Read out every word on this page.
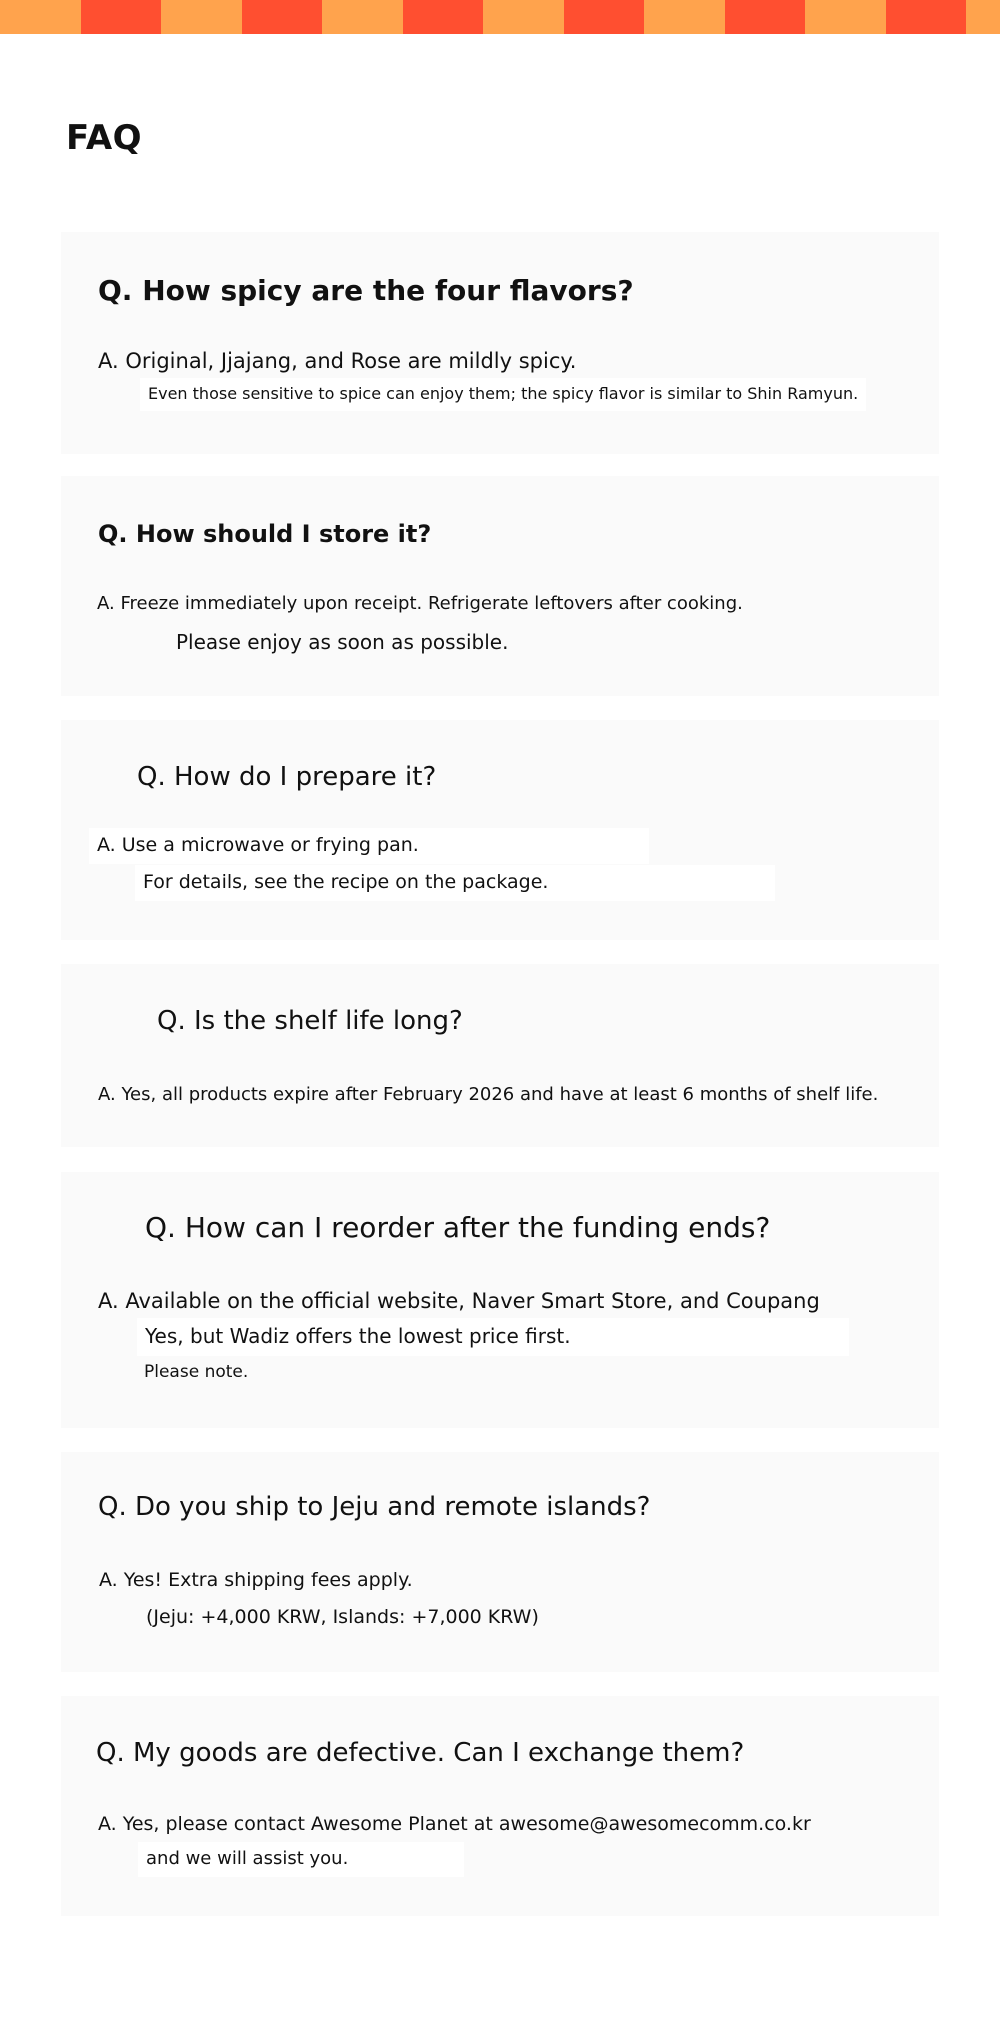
FAQ
Q. How spicy are the four flavors?

A. Original, Jjajang, and Rose are mildly spicy.

Even those sensitive to spice can enjoy them; the spicy flavor is similar to Shin Ramyun.

Q. How should I store it?

A. Freeze immediately upon receipt. Refrigerate leftovers after cooking.

Please enjoy as soon as possible.

Q. How do I prepare it?

A. Use a microwave or frying pan.

For details, see the recipe on the package.

Q. Is the shelf life long?

A. Yes, all products expire after February 2026 and have at least 6 months of shelf life.

Q. How can I reorder after the funding ends?

A. Available on the official website, Naver Smart Store, and Coupang

Yes, but Wadiz offers the lowest price first.

Please note.

Q. Do you ship to Jeju and remote islands?

A. Yes! Extra shipping fees apply.

(Jeju: +4,000 KRW, Islands: +7,000 KRW)

Q. My goods are defective. Can I exchange them?

A. Yes, please contact Awesome Planet at awesome@awesomecomm.co.kr

and we will assist you.
